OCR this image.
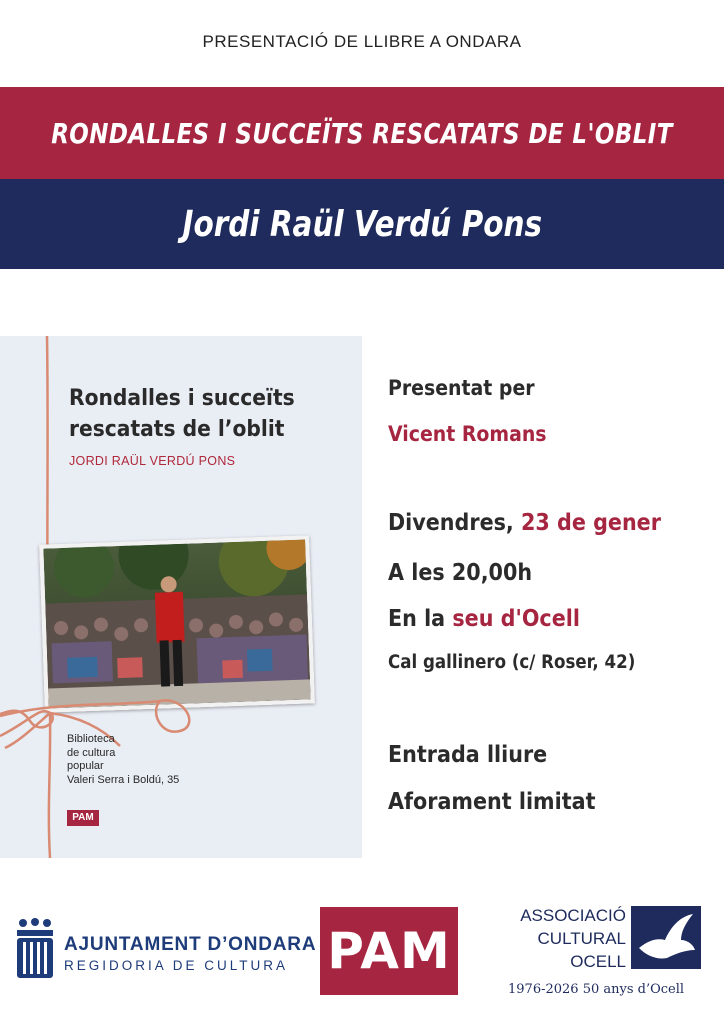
PRESENTACIÓ DE LLIBRE A ONDARA
RONDALLES I SUCCEÏTS RESCATATS DE L'OBLIT
Jordi Raül Verdú Pons
Rondalles i succeïts
rescatats de l’oblit
JORDI RAÜL VERDÚ PONS
Biblioteca
de cultura
popular
Valeri Serra i Boldú, 35
PAM
Presentat per
Vicent Romans
Divendres, 23 de gener
A les 20,00h
En la seu d'Ocell
Cal gallinero (c/ Roser, 42)
Entrada lliure
Aforament limitat
AJUNTAMENT D’ONDARA
REGIDORIA DE CULTURA PAM
ASSOCIACIÓ
CULTURAL
OCELL
1976-2026 50 anys d’Ocell
